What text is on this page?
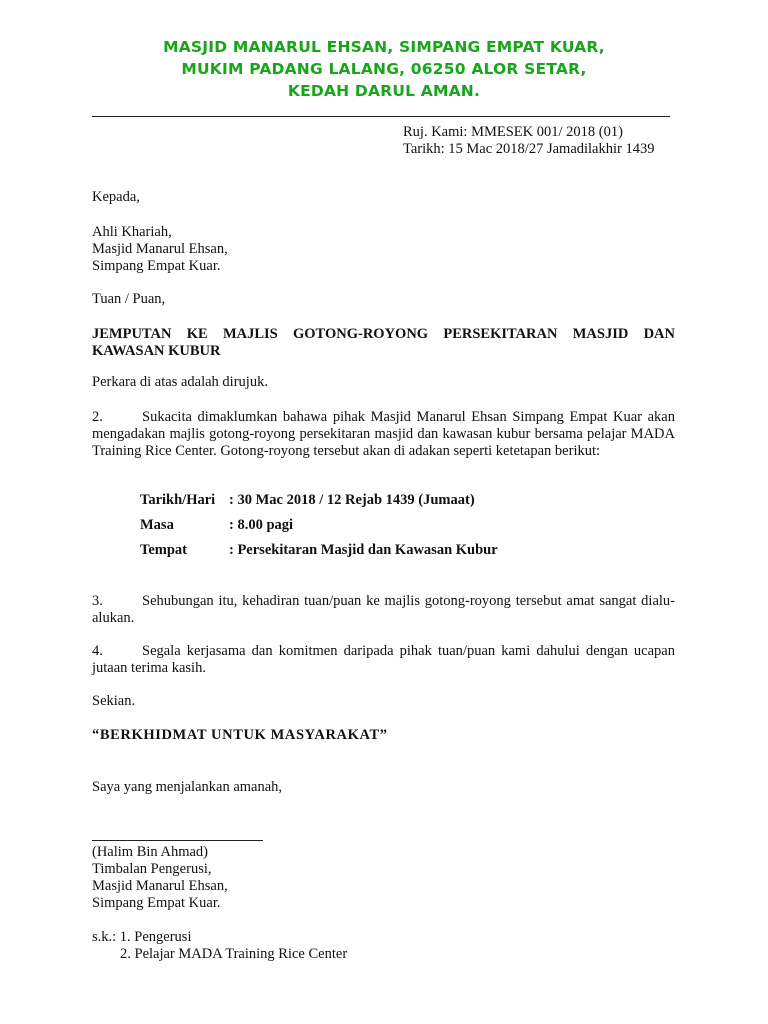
MASJID MANARUL EHSAN, SIMPANG EMPAT KUAR,
MUKIM PADANG LALANG, 06250 ALOR SETAR,
KEDAH DARUL AMAN.
Ruj. Kami: MMESEK 001/ 2018 (01)
Tarikh: 15 Mac 2018/27 Jamadilakhir 1439
Kepada,
Ahli Khariah,
Masjid Manarul Ehsan,
Simpang Empat Kuar.
Tuan / Puan,
JEMPUTAN KE MAJLIS GOTONG-ROYONG PERSEKITARAN MASJID DAN KAWASAN KUBUR
Perkara di atas adalah dirujuk.
2.	Sukacita dimaklumkan bahawa pihak Masjid Manarul Ehsan Simpang Empat Kuar akan mengadakan majlis gotong-royong persekitaran masjid dan kawasan kubur bersama pelajar MADA Training Rice Center. Gotong-royong tersebut akan di adakan seperti ketetapan berikut:
Tarikh/Hari : 30 Mac 2018 / 12 Rejab 1439 (Jumaat)
Masa	: 8.00 pagi
Tempat	: Persekitaran Masjid dan Kawasan Kubur
3.	Sehubungan itu, kehadiran tuan/puan ke majlis gotong-royong tersebut amat sangat dialu-alukan.
4.	Segala kerjasama dan komitmen daripada pihak tuan/puan kami dahului dengan ucapan jutaan terima kasih.
Sekian.
“BERKHIDMAT UNTUK MASYARAKAT”
Saya yang menjalankan amanah,
(Halim Bin Ahmad)
Timbalan Pengerusi,
Masjid Manarul Ehsan,
Simpang Empat Kuar.
s.k.: 1. Pengerusi
2. Pelajar MADA Training Rice Center
